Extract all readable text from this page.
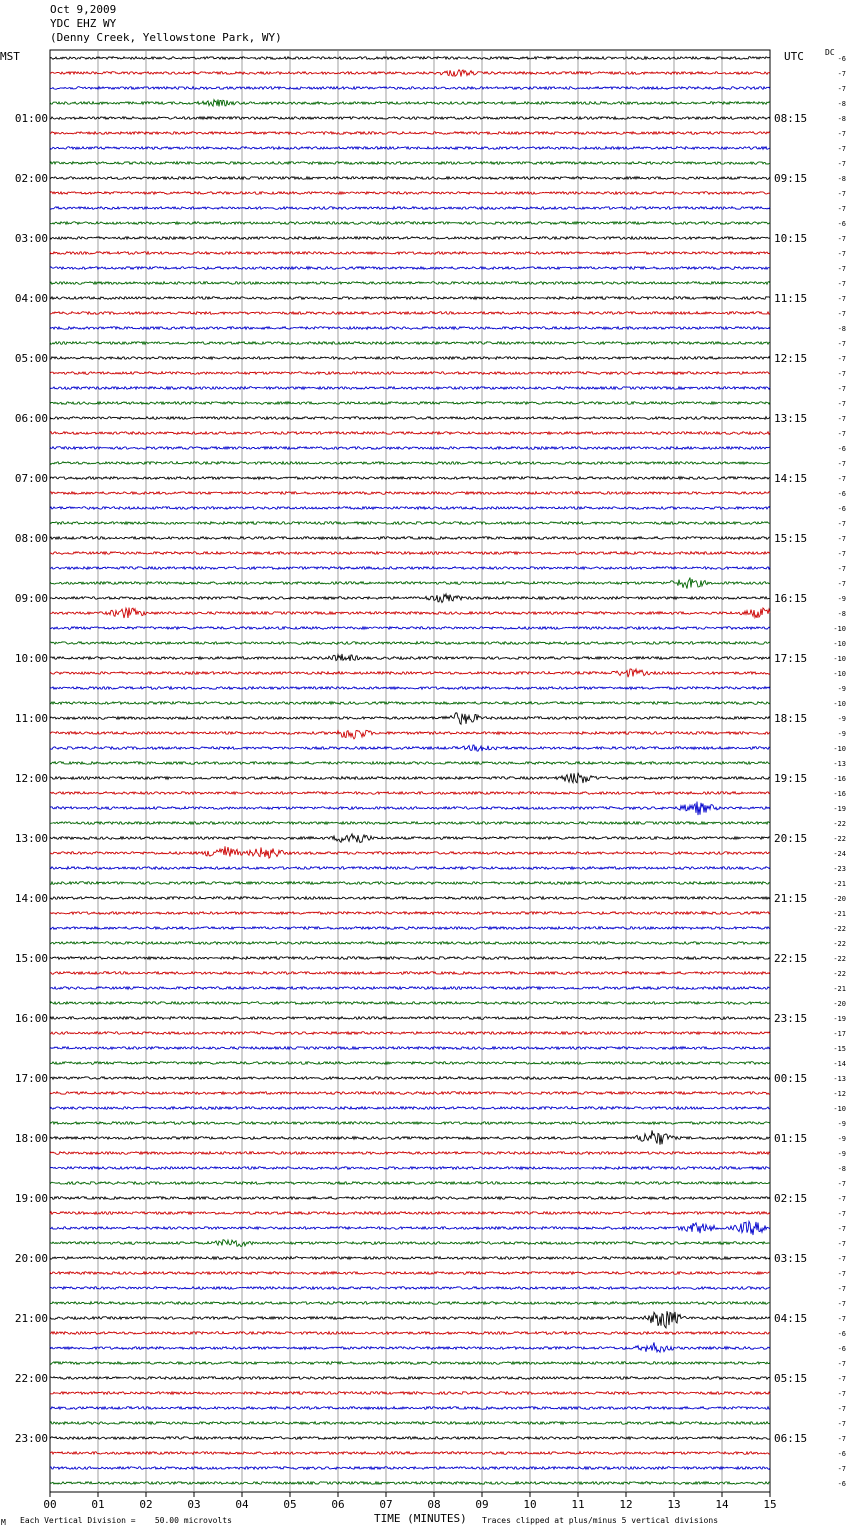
Oct 9,2009
YDC EHZ WY
(Denny Creek, Yellowstone Park, WY)
MST	UTC	DC
-6
-7
-7
-8
-8
-7
-7
-7
-8
-7
-7
-6
-7
-7
-7
-7
-7
-7
-8
-7
-7
-7
-7
-7
-7
-7
-6
-7
-7
-6
-6
-7
-7
-7
-7
-7
-9
-8
-10
-10
-10
-10
-9
-10
-9
-9
-10
-13
-16
-16
-19
-22
-22
-24
-23
-21
-20
-21
-22
-22
-22
-22
-21
-20
-19
-17
-15
-14
-13
-12
-10
-9
-9
-9
-8
-7
-7
-7
-7
-7
-7
-7
-7
-7
-7
-6
-6
-7
-7
-7
-7
-7
-7
-6
-7
-6
01:00
02:00
03:00
04:00
05:00
06:00
07:00
08:00
09:00
10:00
11:00
12:00
13:00
14:00
15:00
16:00
17:00
18:00
19:00
20:00
21:00
22:00
23:00
08:15
09:15
10:15
11:15
12:15
13:15
14:15
15:15
16:15
17:15
18:15
19:15
20:15
21:15
22:15
23:15
00:15
01:15
02:15
03:15
04:15
05:15
06:15
00	01	02	03	04	05	06	07	08	09	10	11	12	13	14	15
M Each Vertical Division =    50.00 microvolts	TIME (MINUTES) Traces clipped at plus/minus 5 vertical divisions
